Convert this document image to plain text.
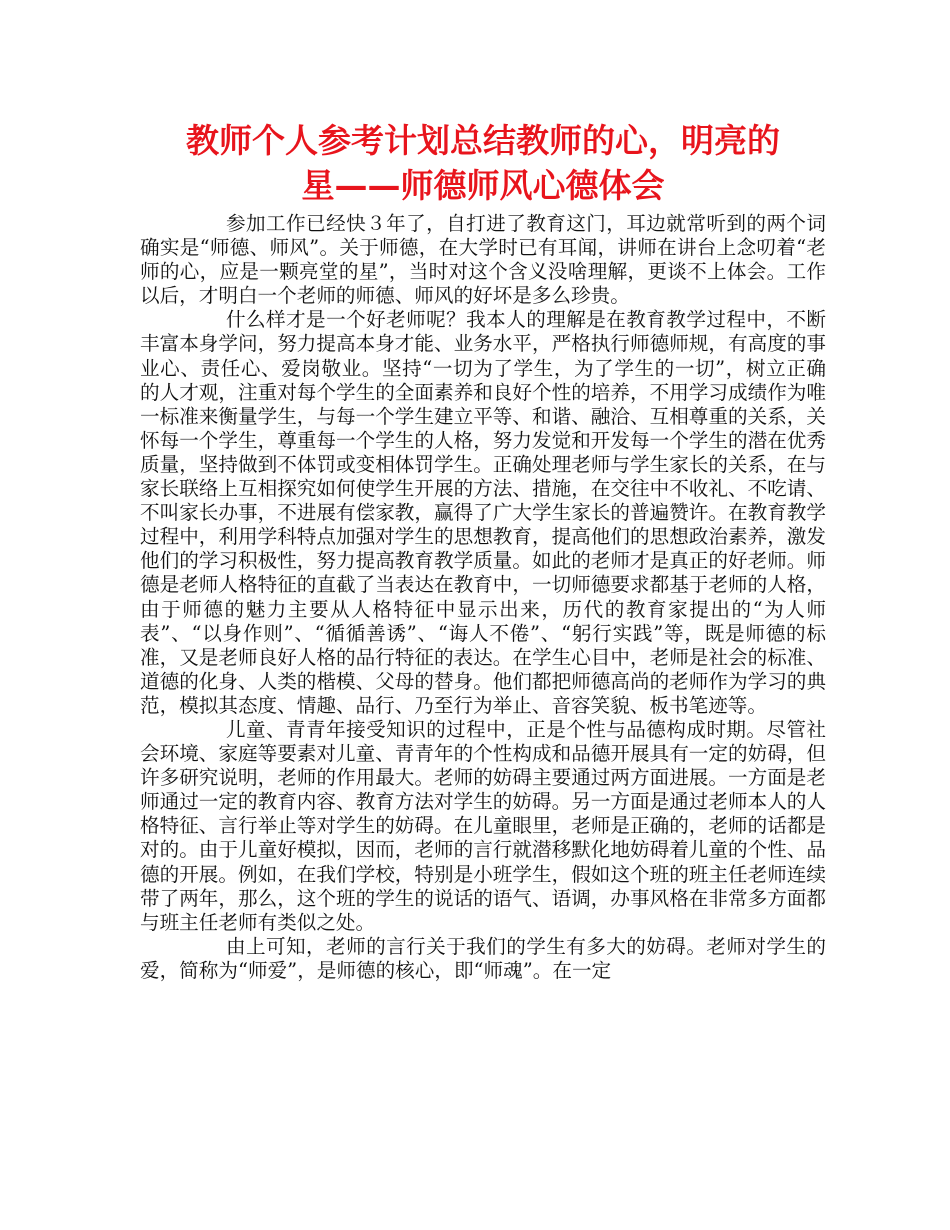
教师个人参考计划总结教师的心，明亮的
星——师德师风心德体会

参加工作已经快３年了，自打进了教育这门，耳边就常听到的两个词确实是“师德、师风”。关于师德，在大学时已有耳闻，讲师在讲台上念叨着“老师的心，应是一颗亮堂的星”，当时对这个含义没啥理解，更谈不上体会。工作以后，才明白一个老师的师德、师风的好坏是多么珍贵。

什么样才是一个好老师呢？我本人的理解是在教育教学过程中，不断丰富本身学问，努力提高本身才能、业务水平，严格执行师德师规，有高度的事业心、责任心、爱岗敬业。坚持“一切为了学生，为了学生的一切”，树立正确的人才观，注重对每个学生的全面素养和良好个性的培养，不用学习成绩作为唯一标准来衡量学生，与每一个学生建立平等、和谐、融洽、互相尊重的关系，关怀每一个学生，尊重每一个学生的人格，努力发觉和开发每一个学生的潜在优秀质量，坚持做到不体罚或变相体罚学生。正确处理老师与学生家长的关系，在与家长联络上互相探究如何使学生开展的方法、措施，在交往中不收礼、不吃请、不叫家长办事，不进展有偿家教，赢得了广大学生家长的普遍赞许。在教育教学过程中，利用学科特点加强对学生的思想教育，提高他们的思想政治素养，激发他们的学习积极性，努力提高教育教学质量。如此的老师才是真正的好老师。师德是老师人格特征的直截了当表达在教育中，一切师德要求都基于老师的人格，由于师德的魅力主要从人格特征中显示出来，历代的教育家提出的“为人师表”、“以身作则”、“循循善诱”、“诲人不倦”、“躬行实践”等，既是师德的标准，又是老师良好人格的品行特征的表达。在学生心目中，老师是社会的标准、道德的化身、人类的楷模、父母的替身。他们都把师德高尚的老师作为学习的典范，模拟其态度、情趣、品行、乃至行为举止、音容笑貌、板书笔迹等。

儿童、青青年接受知识的过程中，正是个性与品德构成时期。尽管社会环境、家庭等要素对儿童、青青年的个性构成和品德开展具有一定的妨碍，但许多研究说明，老师的作用最大。老师的妨碍主要通过两方面进展。一方面是老师通过一定的教育内容、教育方法对学生的妨碍。另一方面是通过老师本人的人格特征、言行举止等对学生的妨碍。在儿童眼里，老师是正确的，老师的话都是对的。由于儿童好模拟，因而，老师的言行就潜移默化地妨碍着儿童的个性、品德的开展。例如，在我们学校，特别是小班学生，假如这个班的班主任老师连续带了两年，那么，这个班的学生的说话的语气、语调，办事风格在非常多方面都与班主任老师有类似之处。

由上可知，老师的言行关于我们的学生有多大的妨碍。老师对学生的爱，简称为“师爱”，是师德的核心，即“师魂”。在一定
